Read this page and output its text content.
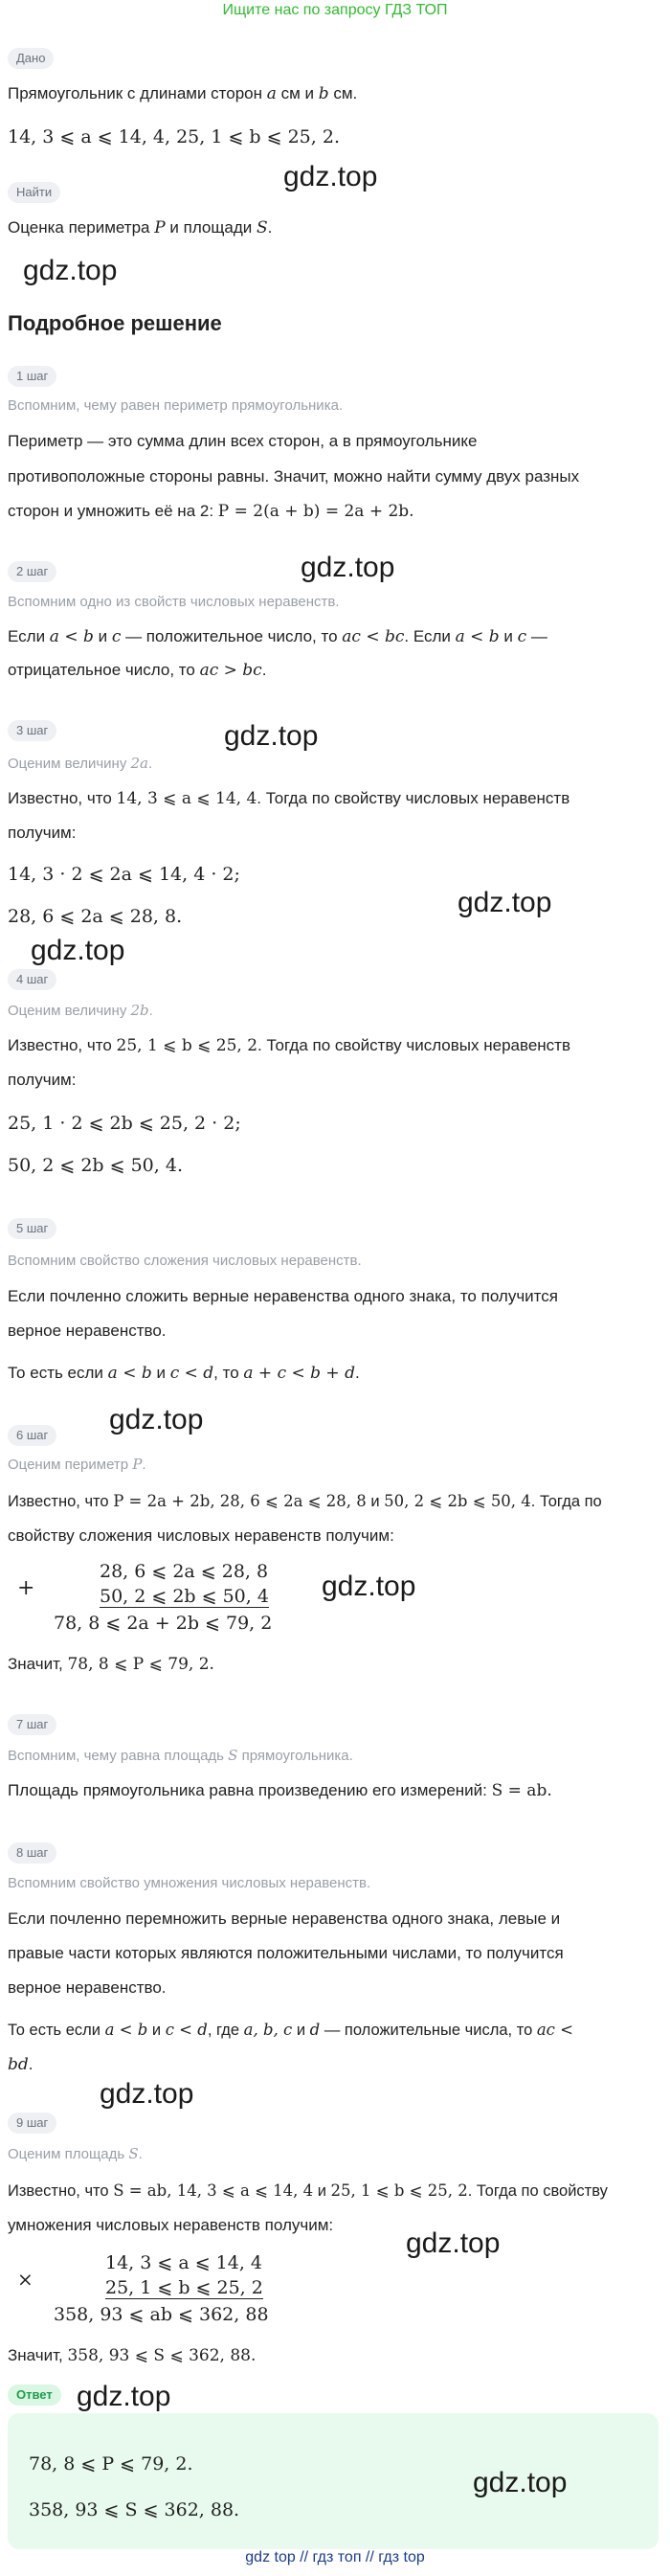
Ищите нас по запросу ГДЗ ТОП
Дано
Прямоугольник с длинами сторон a см и b см.
14, 3 ⩽ a ⩽ 14, 4, 25, 1 ⩽ b ⩽ 25, 2.
gdz.top
Найти
Оценка периметра P и площади S.
gdz.top
Подробное решение
1 шаг
Вспомним, чему равен периметр прямоугольника.
Периметр — это сумма длин всех сторон, а в прямоугольнике
противоположные стороны равны. Значит, можно найти сумму двух разных
сторон и умножить её на 2: P = 2(a + b) = 2a + 2b.
gdz.top
2 шаг
Вспомним одно из свойств числовых неравенств.
Если a < b и c — положительное число, то ac < bc. Если a < b и c —
отрицательное число, то ac > bc.
gdz.top
3 шаг
Оценим величину 2a.
Известно, что 14, 3 ⩽ a ⩽ 14, 4. Тогда по свойству числовых неравенств
получим:
14, 3 · 2 ⩽ 2a ⩽ 14, 4 · 2;
28, 6 ⩽ 2a ⩽ 28, 8.	gdz.top
gdz.top
4 шаг
Оценим величину 2b.
Известно, что 25, 1 ⩽ b ⩽ 25, 2. Тогда по свойству числовых неравенств
получим:
25, 1 · 2 ⩽ 2b ⩽ 25, 2 · 2;
50, 2 ⩽ 2b ⩽ 50, 4.
5 шаг
Вспомним свойство сложения числовых неравенств.
Если почленно сложить верные неравенства одного знака, то получится
верное неравенство.
То есть если a < b и c < d, то a + c < b + d.
gdz.top
6 шаг
Оценим периметр P.
Известно, что P = 2a + 2b, 28, 6 ⩽ 2a ⩽ 28, 8 и 50, 2 ⩽ 2b ⩽ 50, 4. Тогда по
свойству сложения числовых неравенств получим:
+
28, 6 ⩽ 2a ⩽ 28, 8
50, 2 ⩽ 2b ⩽ 50, 4
78, 8 ⩽ 2a + 2b ⩽ 79, 2
gdz.top
Значит, 78, 8 ⩽ P ⩽ 79, 2.
7 шаг
Вспомним, чему равна площадь S прямоугольника.
Площадь прямоугольника равна произведению его измерений: S = ab.
8 шаг
Вспомним свойство умножения числовых неравенств.
Если почленно перемножить верные неравенства одного знака, левые и
правые части которых являются положительными числами, то получится
верное неравенство.
То есть если a < b и c < d, где a, b, c и d — положительные числа, то ac <
bd.
gdz.top
9 шаг
Оценим площадь S.
Известно, что S = ab, 14, 3 ⩽ a ⩽ 14, 4 и 25, 1 ⩽ b ⩽ 25, 2. Тогда по свойству
умножения числовых неравенств получим:
gdz.top
×
14, 3 ⩽ a ⩽ 14, 4
25, 1 ⩽ b ⩽ 25, 2
358, 93 ⩽ ab ⩽ 362, 88
Значит, 358, 93 ⩽ S ⩽ 362, 88.
Ответ gdz.top
78, 8 ⩽ P ⩽ 79, 2.
358, 93 ⩽ S ⩽ 362, 88.
gdz.top
gdz top // гдз топ // гдз top
